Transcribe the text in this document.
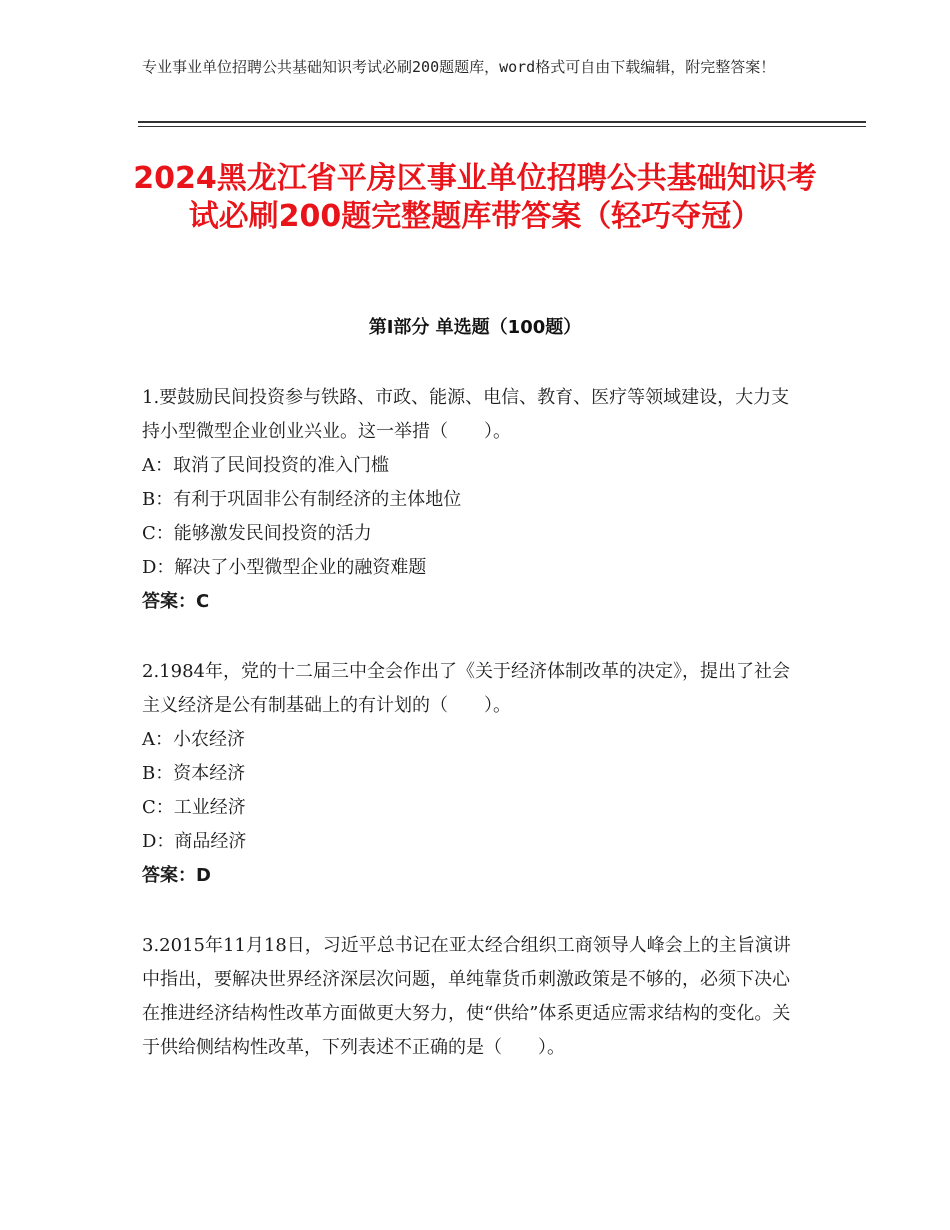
专业事业单位招聘公共基础知识考试必刷200题题库，word格式可自由下载编辑，附完整答案！
2024黑龙江省平房区事业单位招聘公共基础知识考试必刷200题完整题库带答案（轻巧夺冠）
第I部分 单选题（100题）

1.要鼓励民间投资参与铁路、市政、能源、电信、教育、医疗等领域建设，大力支持小型微型企业创业兴业。这一举措（　　）。

A：取消了民间投资的准入门槛

B：有利于巩固非公有制经济的主体地位

C：能够激发民间投资的活力

D：解决了小型微型企业的融资难题

答案：C

2.1984年，党的十二届三中全会作出了《关于经济体制改革的决定》，提出了社会主义经济是公有制基础上的有计划的（　　）。

A：小农经济

B：资本经济

C：工业经济

D：商品经济

答案：D

3.2015年11月18日，习近平总书记在亚太经合组织工商领导人峰会上的主旨演讲中指出，要解决世界经济深层次问题，单纯靠货币刺激政策是不够的，必须下决心在推进经济结构性改革方面做更大努力，使“供给”体系更适应需求结构的变化。关于供给侧结构性改革，下列表述不正确的是（　　）。
